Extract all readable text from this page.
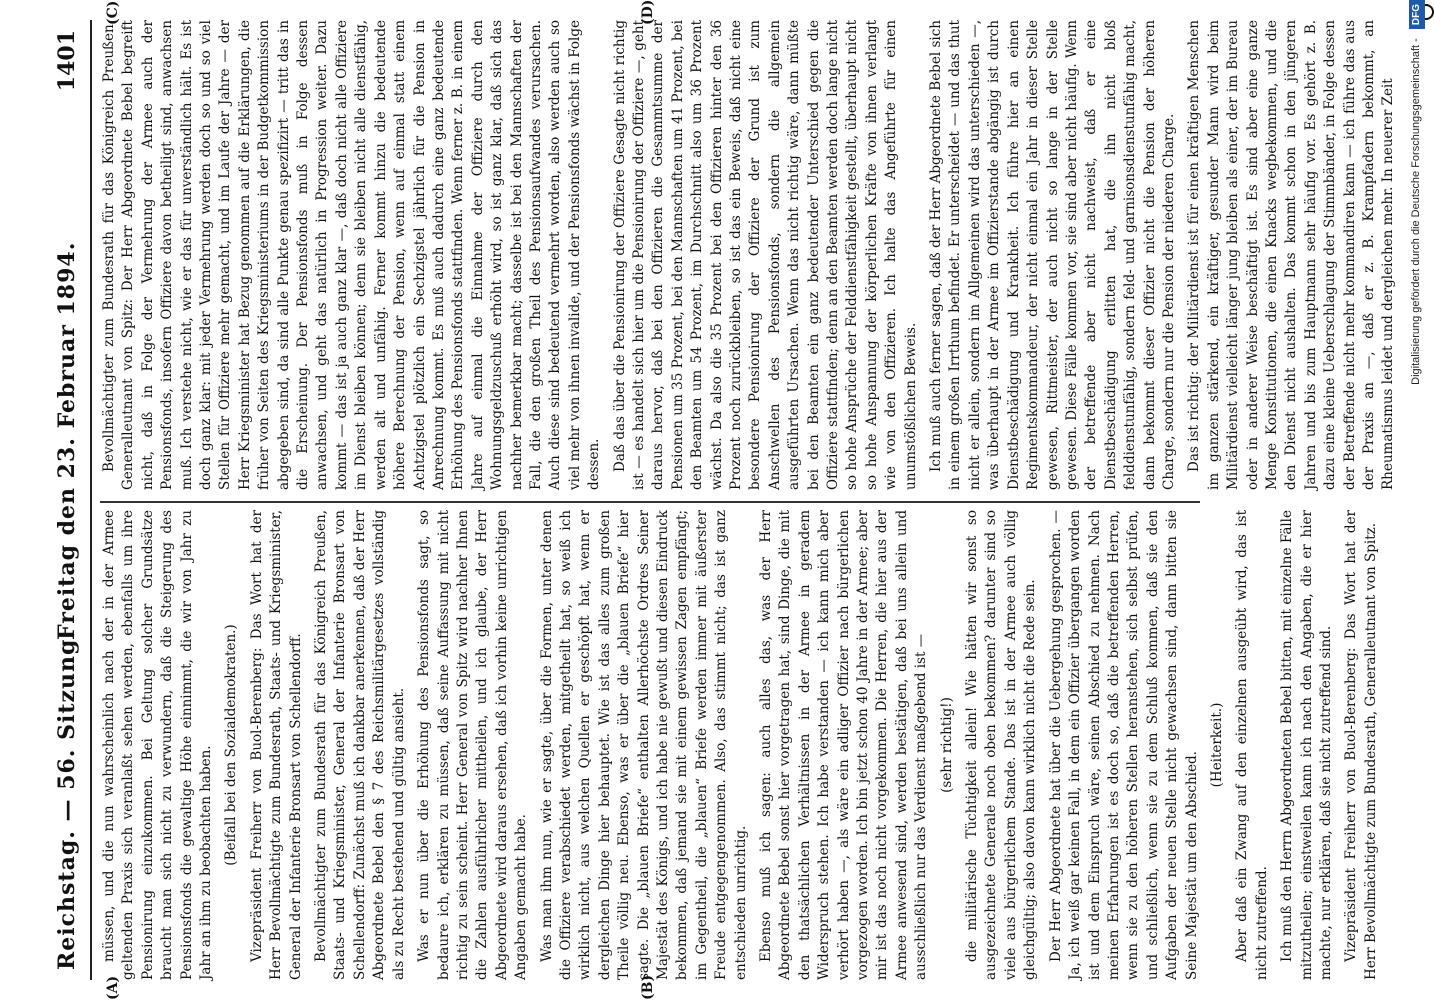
Reichstag. — 56. Sitzung.
Freitag den 23. Februar 1894.
1401
(A)	(B)
(C)	(D)

müssen, und die nun wahrscheinlich nach der in der Armee geltenden Praxis sich veranlaßt sehen werden, ebenfalls um ihre Pensionirung einzukommen. Bei Geltung solcher Grundsätze braucht man sich nicht zu verwundern, daß die Steigerung des Pensionsfonds die gewaltige Höhe einnimmt, die wir von Jahr zu Jahr an ihm zu beobachten haben. (Beifall bei den Sozialdemokraten.) Vizepräsident Freiherr von Buol-Berenberg: Das Wort hat der Herr Bevollmächtigte zum Bundesrath, Staats- und Kriegsminister, General der Infanterie Bronsart von Schellendorff. Bevollmächtigter zum Bundesrath für das Königreich Preußen, Staats- und Kriegsminister, General der Infanterie Bronsart von Schellendorff: Zunächst muß ich dankbar anerkennen, daß der Herr Abgeordnete Bebel den § 7 des Reichsmilitärgesetzes vollständig als zu Recht bestehend und gültig ansieht. Was er nun über die Erhöhung des Pensionsfonds sagt, so bedaure ich, erklären zu müssen, daß seine Auffassung mit nicht richtig zu sein scheint. Herr General von Spitz wird nachher Ihnen die Zahlen ausführlicher mittheilen, und ich glaube, der Herr Abgeordnete wird daraus ersehen, daß ich vorhin keine unrichtigen Angaben gemacht habe. Was man ihm nun, wie er sagte, über die Formen, unter denen die Offiziere verabschiedet werden, mitgetheilt hat, so weiß ich wirklich nicht, aus welchen Quellen er geschöpft hat, wenn er dergleichen Dinge hier behauptet. Wie ist das alles zum großen Theile völlig neu. Ebenso, was er über die „blauen Briefe“ hier sagte. Die „blauen Briefe“ enthalten Allerhöchste Ordres Seiner Majestät des Königs, und ich habe nie gewußt und diesen Eindruck bekommen, daß jemand sie mit einem gewissen Zagen empfängt; im Gegentheil, die „blauen“ Briefe werden immer mit äußerster Freude entgegengenommen. Also, das stimmt nicht; das ist ganz entschieden unrichtig. Ebenso muß ich sagen: auch alles das, was der Herr Abgeordnete Bebel sonst hier vorgetragen hat, sind Dinge, die mit den thatsächlichen Verhältnissen in der Armee in geradem Widerspruch stehen. Ich habe verstanden — ich kann mich aber verhört haben —, als wäre ein adliger Offizier nach bürgerlichen vorgezogen worden. Ich bin jetzt schon 40 Jahre in der Armee; aber mir ist das noch nicht vorgekommen. Die Herren, die hier aus der Armee anwesend sind, werden bestätigen, daß bei uns allein und ausschließlich nur das Verdienst maßgebend ist — (sehr richtig!) die militärische Tüchtigkeit allein! Wie hätten wir sonst so ausgezeichnete Generale noch oben bekommen? darunter sind so viele aus bürgerlichem Stande. Das ist in der Armee auch völlig gleichgültig; also davon kann wirklich nicht die Rede sein. Der Herr Abgeordnete hat über die Uebergehung gesprochen. — Ja, ich weiß gar keinen Fall, in dem ein Offizier übergangen worden ist und dem Einspruch wäre, seinen Abschied zu nehmen. Nach meinen Erfahrungen ist es doch so, daß die betreffenden Herren, wenn sie zu den höheren Stellen heranstehen, sich selbst prüfen, und schließlich, wenn sie zu dem Schluß kommen, daß sie den Aufgaben der neuen Stelle nicht gewachsen sind, dann bitten sie Seine Majestät um den Abschied.

(Heiterkeit.) Aber daß ein Zwang auf den einzelnen ausgeübt wird, das ist nicht zutreffend. Ich muß den Herrn Abgeordneten Bebel bitten, mit einzelne Fälle mitzutheilen; einstweilen kann ich nach den Angaben, die er hier machte, nur erklären, daß sie nicht zutreffend sind. Vizepräsident Freiherr von Buol-Berenberg: Das Wort hat der Herr Bevollmächtigte zum Bundesrath, Generalleutnant von Spitz.

Bevollmächtigter zum Bundesrath für das Königreich Preußen, Generalleutnant von Spitz: Der Herr Abgeordnete Bebel begreift nicht, daß in Folge der Vermehrung der Armee auch der Pensionsfonds, insofern Offiziere davon betheiligt sind, anwachsen muß. Ich verstehe nicht, wie er das für unverständlich hält. Es ist doch ganz klar: mit jeder Vermehrung werden doch so und so viel Stellen für Offiziere mehr gemacht, und im Laufe der Jahre — der Herr Kriegsminister hat Bezug genommen auf die Erklärungen, die früher von Seiten des Kriegsministeriums in der Budgetkommission abgegeben sind, da sind alle Punkte genau spezifizirt — tritt das in die Erscheinung. Der Pensionsfonds muß in Folge dessen anwachsen, und geht das natürlich in Progression weiter. Dazu kommt — das ist ja auch ganz klar —, daß doch nicht alle Offiziere im Dienst bleiben können; denn sie bleiben nicht alle dienstfähig, werden alt und unfähig. Ferner kommt hinzu die bedeutende höhere Berechnung der Pension, wenn auf einmal statt einem Achtzigstel plötzlich ein Sechzigstel jährlich für die Pension in Anrechnung kommt. Es muß auch dadurch eine ganz bedeutende Erhöhung des Pensionsfonds stattfinden. Wenn ferner z. B. in einem Jahre auf einmal die Einnahme der Offiziere durch den Wohnungsgeldzuschuß erhöht wird, so ist ganz klar, daß sich das nachher bemerkbar macht; dasselbe ist bei den Mannschaften der Fall, die den großen Theil des Pensionsaufwandes verursachen. Auch diese sind bedeutend vermehrt worden, also werden auch so viel mehr von ihnen invalide, und der Pensionsfonds wächst in Folge dessen. Daß das über die Pensionirung der Offiziere Gesagte nicht richtig ist — es handelt sich hier um die Pensionirung der Offiziere —, geht daraus hervor, daß bei den Offizieren die Gesammtsumme der Pensionen um 35 Prozent, bei den Mannschaften um 41 Prozent, bei den Beamten um 54 Prozent, im Durchschnitt also um 36 Prozent wächst. Da also die 35 Prozent bei den Offizieren hinter den 36 Prozent noch zurückbleiben, so ist das ein Beweis, daß nicht eine besondere Pensionirung der Offiziere der Grund ist zum Anschwellen des Pensionsfonds, sondern die allgemein ausgeführten Ursachen. Wenn das nicht richtig wäre, dann müßte bei den Beamten ein ganz bedeutender Unterschied gegen die Offiziere stattfinden; denn an den Beamten werden doch lange nicht so hohe Ansprüche der Felddienstfähigkeit gestellt, überhaupt nicht so hohe Anspannung der körperlichen Kräfte von ihnen verlangt wie von den Offizieren. Ich halte das Angeführte für einen unumstößlichen Beweis. Ich muß auch ferner sagen, daß der Herr Abgeordnete Bebel sich in einem großen Irrthum befindet. Er unterscheidet — und das thut nicht er allein, sondern im Allgemeinen wird das unterschieden —, was überhaupt in der Armee im Offizierstande abgängig ist durch Dienstbeschädigung und Krankheit. Ich führe hier an einen Regimentskommandeur, der nicht einmal ein Jahr in dieser Stelle gewesen, Rittmeister, der auch nicht so lange in der Stelle gewesen. Diese Fälle kommen vor, sie sind aber nicht häufig. Wenn der betreffende aber nicht nachweist, daß er eine Dienstbeschädigung erlitten hat, die ihn nicht bloß felddienstunfähig, sondern feld- und garnisonsdienstunfähig macht, dann bekommt dieser Offizier nicht die Pension der höheren Charge, sondern nur die Pension der niederen Charge. Das ist richtig: der Militärdienst ist für einen kräftigen Menschen im ganzen stärkend, ein kräftiger, gesunder Mann wird beim Militärdienst vielleicht länger jung bleiben als einer, der im Bureau oder in anderer Weise beschäftigt ist. Es sind aber eine ganze Menge Konstitutionen, die einen Knacks wegbekommen, und die den Dienst nicht aushalten. Das kommt schon in den jüngeren Jahren und bis zum Hauptmann sehr häufig vor. Es gehört z. B. dazu eine kleine Ueberschlagung der Stimmbänder, in Folge dessen der Betreffende nicht mehr kommandiren kann — ich führe das aus der Praxis an —, daß er z. B. Krampfadern bekommt, an Rheumatismus leidet und dergleichen mehr. In neuerer Zeit	Digitalisierung gefördert durch die Deutsche Forschungsgemeinschaft - DFG
